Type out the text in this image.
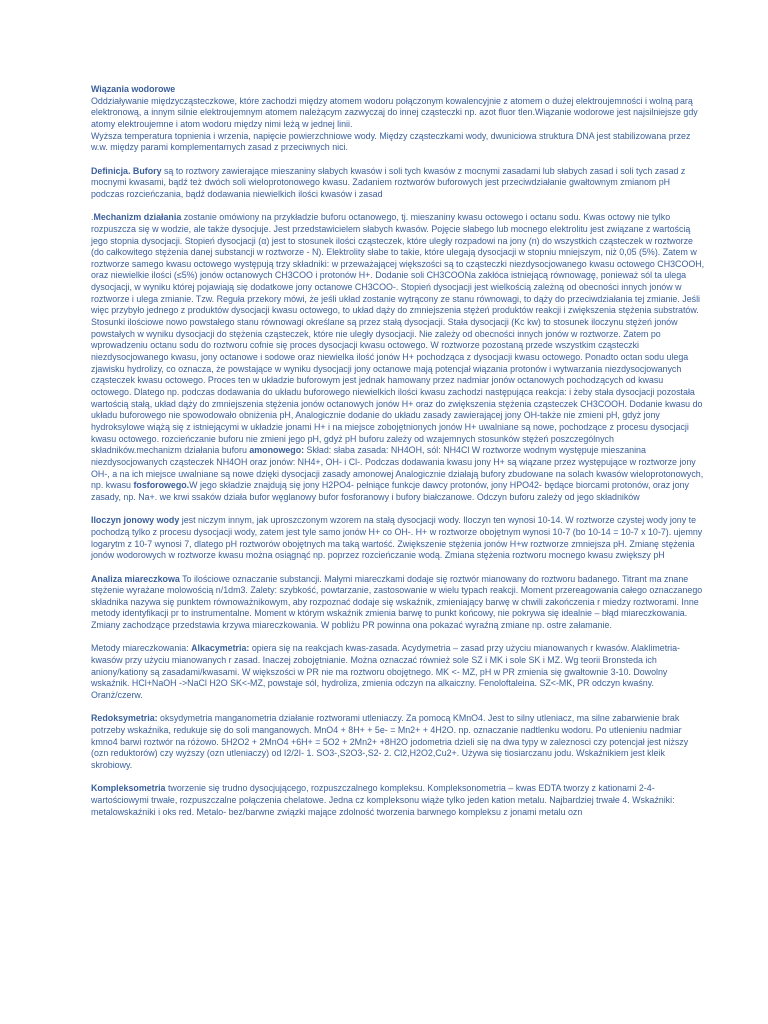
Wiązania wodorowe
Oddziaływanie międzycząsteczkowe, które zachodzi między atomem wodoru połączonym kowalencyjnie z atomem o dużej elektroujemności i wolną parą elektronową, a innym silnie elektroujemnym atomem należącym zazwyczaj do innej cząsteczki np. azot fluor tlen.Wiązanie wodorowe jest najsilniejsze gdy atomy elektroujemne i atom wodoru między nimi leżą w jednej linii.
Wyższa temperatura topnienia i wrzenia, napięcie powierzchniowe wody. Między cząsteczkami wody, dwuniciowa struktura DNA jest stabilizowana przez w.w. między parami komplementarnych zasad z przeciwnych nici.

Definicja. Bufory są to roztwory zawierające mieszaniny słabych kwasów i soli tych kwasów z mocnymi zasadami lub słabych zasad i soli tych zasad z mocnymi kwasami, bądź też dwóch soli wieloprotonowego kwasu. Zadaniem roztworów buforowych jest przeciwdziałanie gwałtownym zmianom pH podczas rozcieńczania, bądź dodawania niewielkich ilości kwasów i zasad

.Mechanizm działania zostanie omówiony na przykładzie buforu octanowego, tj. mieszaniny kwasu octowego i octanu sodu. Kwas octowy nie tylko rozpuszcza się w wodzie, ale także dysocjuje. Jest przedstawicielem słabych kwasów. Pojęcie słabego lub mocnego elektrolitu jest związane z wartością jego stopnia dysocjacji. Stopień dysocjacji (α) jest to stosunek ilości cząsteczek, które uległy rozpadowi na jony (n) do wszystkich cząsteczek w roztworze (do całkowitego stężenia danej substancji w roztworze - N). Elektrolity słabe to takie, które ulegają dysocjacji w stopniu mniejszym, niż 0,05 (5%). Zatem w roztworze samego kwasu octowego występują trzy składniki: w przeważającej większości są to cząsteczki niezdysocjowanego kwasu octowego CH3COOH, oraz niewielkie ilości (≤5%) jonów octanowych CH3COO i protonów H+. Dodanie soli CH3COONa zakłóca istniejącą równowagę, ponieważ sól ta ulega dysocjacji, w wyniku której pojawiają się dodatkowe jony octanowe CH3COO-. Stopień dysocjacji jest wielkością zależną od obecności innych jonów w roztworze i ulega zmianie. Tzw. Reguła przekory mówi, że jeśli układ zostanie wytrącony ze stanu równowagi, to dąży do przeciwdziałania tej zmianie. Jeśli więc przybyło jednego z produktów dysocjacji kwasu octowego, to układ dąży do zmniejszenia stężeń produktów reakcji i zwiększenia stężenia substratów. Stosunki ilościowe nowo powstałego stanu równowagi określane są przez stałą dysocjacji. Stała dysocjacji (Kc kw) to stosunek iloczynu stężeń jonów powstałych w wyniku dysocjacji do stężenia cząsteczek, które nie uległy dysocjacji. Nie zależy od obecności innych jonów w roztworze. Zatem po wprowadzeniu octanu sodu do roztworu cofnie się proces dysocjacji kwasu octowego. W roztworze pozostaną przede wszystkim cząsteczki niezdysocjowanego kwasu, jony octanowe i sodowe oraz niewielka ilość jonów H+ pochodząca z dysocjacji kwasu octowego. Ponadto octan sodu ulega zjawisku hydrolizy, co oznacza, że powstające w wyniku dysocjacji jony octanowe mają potencjał wiązania protonów i wytwarzania niezdysocjowanych cząsteczek kwasu octowego. Proces ten w układzie buforowym jest jednak hamowany przez nadmiar jonów octanowych pochodzących od kwasu octowego. Dlatego np. podczas dodawania do układu buforowego niewielkich ilości kwasu zachodzi następująca reakcja: i żeby stała dysocjacji pozostała wartością stałą, układ dąży do zmniejszenia stężenia jonów octanowych jonów H+ oraz do zwiększenia stężenia cząsteczek CH3COOH. Dodanie kwasu do układu buforowego nie spowodowało obniżenia pH, Analogicznie dodanie do układu zasady zawierającej jony OH-także nie zmieni pH, gdyż jony hydroksylowe wiążą się z istniejącymi w układzie jonami H+ i na miejsce zobojętnionych jonów H+ uwalniane są nowe, pochodzące z procesu dysocjacji kwasu octowego. rozcieńczanie buforu nie zmieni jego pH, gdyż pH buforu zależy od wzajemnych stosunków stężeń poszczególnych składników.mechanizm działania buforu amonowego: Skład: słaba zasada: NH4OH, sól: NH4Cl W roztworze wodnym występuje mieszanina niezdysocjowanych cząsteczek NH4OH oraz jonów: NH4+, OH- i Cl-. Podczas dodawania kwasu jony H+ są wiązane przez występujące w roztworze jony OH-, a na ich miejsce uwalniane są nowe dzięki dysocjacji zasady amonowej Analogicznie działają bufory zbudowane na solach kwasów wieloprotonowych, np. kwasu fosforowego.W jego składzie znajdują się jony H2PO4- pełniące funkcje dawcy protonów, jony HPO42- będące biorcami protonów, oraz jony zasady, np. Na+. we krwi ssaków działa bufor węglanowy bufor fosforanowy i bufory białczanowe. Odczyn buforu zależy od jego składników

Iloczyn jonowy wody jest niczym innym, jak uproszczonym wzorem na stałą dysocjacji wody. Iloczyn ten wynosi 10-14. W roztworze czystej wody jony te pochodzą tylko z procesu dysocjacji wody, zatem jest tyle samo jonów H+ co OH-. H+ w roztworze obojętnym wynosi 10-7 (bo 10-14 = 10-7 x 10-7). ujemny logarytm z 10-7 wynosi 7, dlatego pH roztworów obojętnych ma taką wartość. Zwiększenie stężenia jonów H+w roztworze zmniejsza pH. Zmianę stężenia jonów wodorowych w roztworze kwasu można osiągnąć np. poprzez rozcieńczanie wodą. Zmiana stężenia roztworu mocnego kwasu zwiększy pH

Analiza miareczkowa To ilościowe oznaczanie substancji. Małymi miareczkami dodaje się roztwór mianowany do roztworu badanego. Titrant ma znane stężenie wyrażane molowością n/1dm3. Zalety: szybkość, powtarzanie, zastosowanie w wielu typach reakcji. Moment przereagowania całego oznaczanego składnika nazywa się punktem równoważnikowym, aby rozpoznać dodaje się wskaźnik, zmieniający barwę w chwili zakończenia r miedzy roztworami. Inne metody identyfikacji pr to instrumentalne. Moment w którym wskaźnik zmienia barwę to punkt końcowy, nie pokrywa się idealnie – błąd miareczkowania. Zmiany zachodzące przedstawia krzywa miareczkowania. W pobliżu PR powinna ona pokazać wyraźną zmiane np. ostre załamanie.

Metody miareczkowania: Alkacymetria: opiera się na reakcjach kwas-zasada. Acydymetria – zasad przy użyciu mianowanych r kwasów. Alaklimetria- kwasów przy użyciu mianowanych r zasad. Inaczej zobojętnianie. Można oznaczać również sole SZ i MK i sole SK i MZ. Wg teorii Bronsteda ich aniony/kationy są zasadami/kwasami. W większości w PR nie ma roztworu obojętnego. MK <- MZ, pH w PR zmienia się gwałtownie 3-10. Dowolny wskaźnik. HCl+NaOH ->NaCl H2O SK<-MZ, powstaje sól, hydroliza, zmienia odczyn na alkaiczny. Fenoloftaleina. SZ<-MK, PR odczyn kwaśny. Oranż/czerw.

Redoksymetria: oksydymetria manganometria działanie roztworami utleniaczy. Za pomocą KMnO4. Jest to silny utleniacz, ma silne zabarwienie brak potrzeby wskaźnika, redukuje się do soli manganowych. MnO4 + 8H+ + 5e- = Mn2+ + 4H2O. np. oznaczanie nadtlenku wodoru. Po utlenieniu nadmiar kmno4 barwi roztwór na różowo. 5H2O2 + 2MnO4 +6H+ = 5O2 + 2Mn2+ +8H2O jodometria dzieli się na dwa typy w zaleznosci czy potencjał jest niższy (ozn reduktorów) czy wyższy (ozn utleniaczy) od I2/2I- 1. SO3-,S2O3-,S2- 2. Cl2,H2O2,Cu2+. Używa się tiosiarczanu jodu. Wskaźnikiem jest kleik skrobiowy.

Kompleksometria tworzenie się trudno dysocjującego, rozpuszczalnego kompleksu. Kompleksonometria – kwas EDTA tworzy z kationami 2-4-wartościowymi trwałe, rozpuszczalne połączenia chelatowe. Jedna cz kompleksonu wiąże tylko jeden kation metalu. Najbardziej trwałe 4. Wskaźniki: metalowskaźniki i oks red. Metalo- bez/barwne związki mające zdolność tworzenia barwnego kompleksu z jonami metalu ozn
